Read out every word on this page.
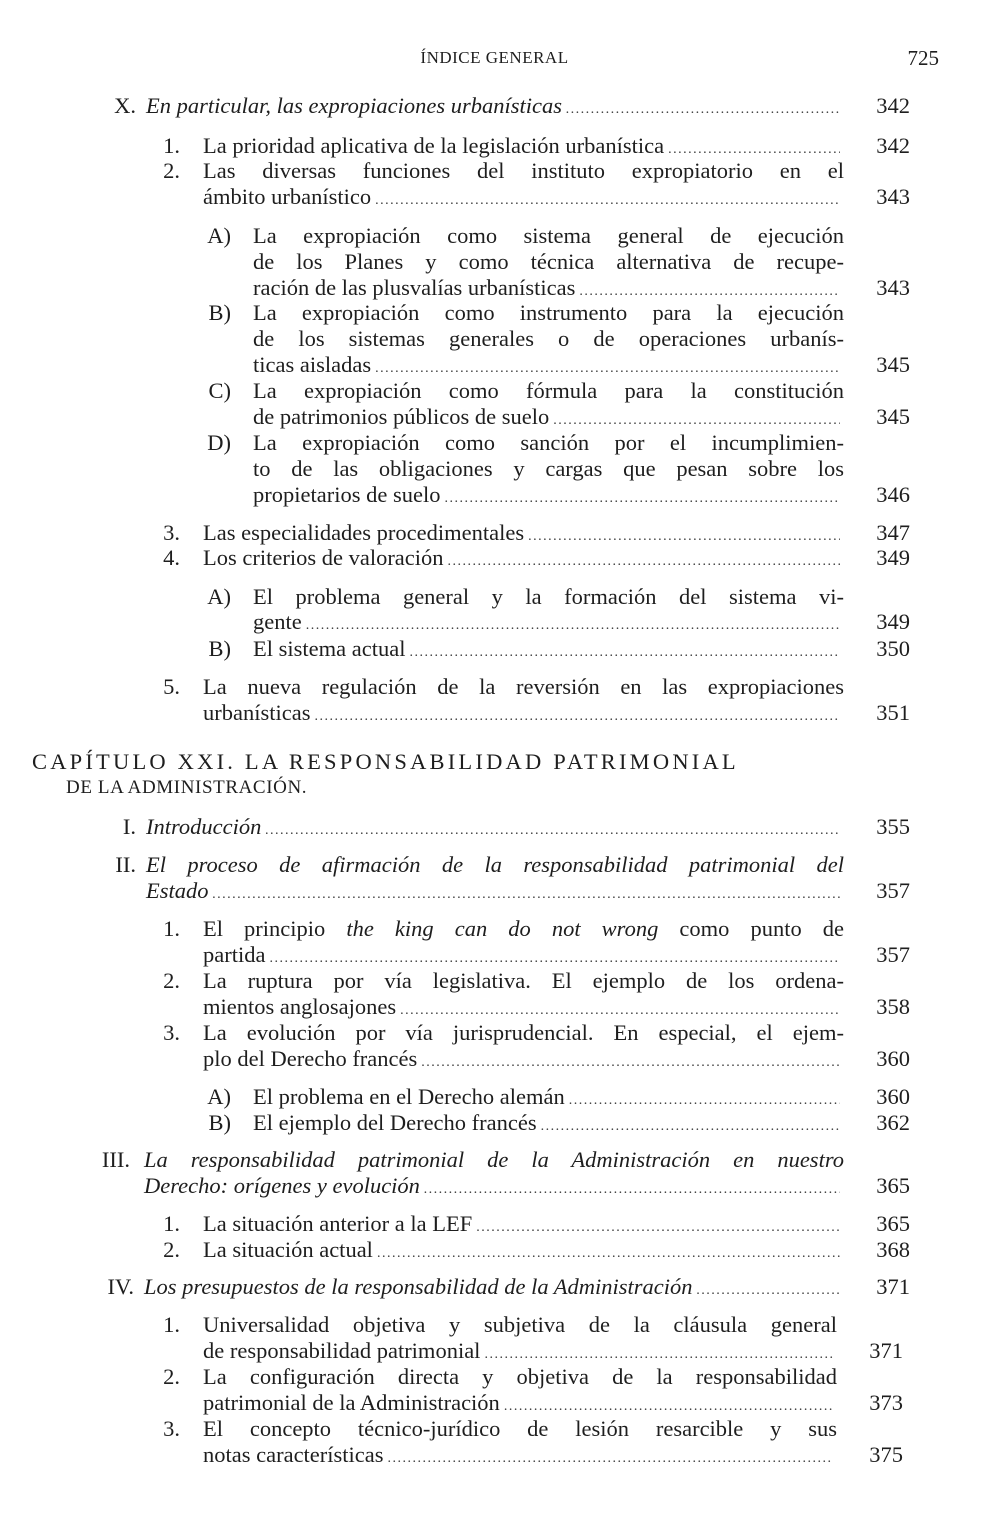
ÍNDICE GENERAL	725
X. En particular, las expropiaciones urbanísticas . . .	342
1. La prioridad aplicativa de la legislación urbanística . . .	342
2. Las diversas funciones del instituto expropiatorio en el
ámbito urbanístico . . .	343
A) La expropiación como sistema general de ejecución
de los Planes y como técnica alternativa de recupe-
ración de las plusvalías urbanísticas . . .	343
B) La expropiación como instrumento para la ejecución
de los sistemas generales o de operaciones urbanís-
ticas aisladas . . .	345
C) La expropiación como fórmula para la constitución
de patrimonios públicos de suelo . . .	345
D) La expropiación como sanción por el incumplimien-
to de las obligaciones y cargas que pesan sobre los
propietarios de suelo . . .	346
3. Las especialidades procedimentales . . .	347
4. Los criterios de valoración . . .	349
A) El problema general y la formación del sistema vi-
gente . . .	349
B) El sistema actual . . .	350
5. La nueva regulación de la reversión en las expropiaciones
urbanísticas . . .	351
CAPÍTULO XXI. LA RESPONSABILIDAD PATRIMONIAL
DE LA ADMINISTRACIÓN.
I. Introducción . . .	355
II. El proceso de afirmación de la responsabilidad patrimonial del
Estado . . .	357
1. El principio the king can do not wrong como punto de
partida . . .	357
2. La ruptura por vía legislativa. El ejemplo de los ordena-
mientos anglosajones . . .	358
3. La evolución por vía jurisprudencial. En especial, el ejem-
plo del Derecho francés . . .	360
A) El problema en el Derecho alemán . . .	360
B) El ejemplo del Derecho francés . . .	362
III. La responsabilidad patrimonial de la Administración en nuestro
Derecho: orígenes y evolución . . .	365
1. La situación anterior a la LEF . . .	365
2. La situación actual . . .	368
IV. Los presupuestos de la responsabilidad de la Administración . . .	371
1. Universalidad objetiva y subjetiva de la cláusula general
de responsabilidad patrimonial . . .	371
2. La configuración directa y objetiva de la responsabilidad
patrimonial de la Administración . . .	373
3. El concepto técnico-jurídico de lesión resarcible y sus
notas características . . .	375
